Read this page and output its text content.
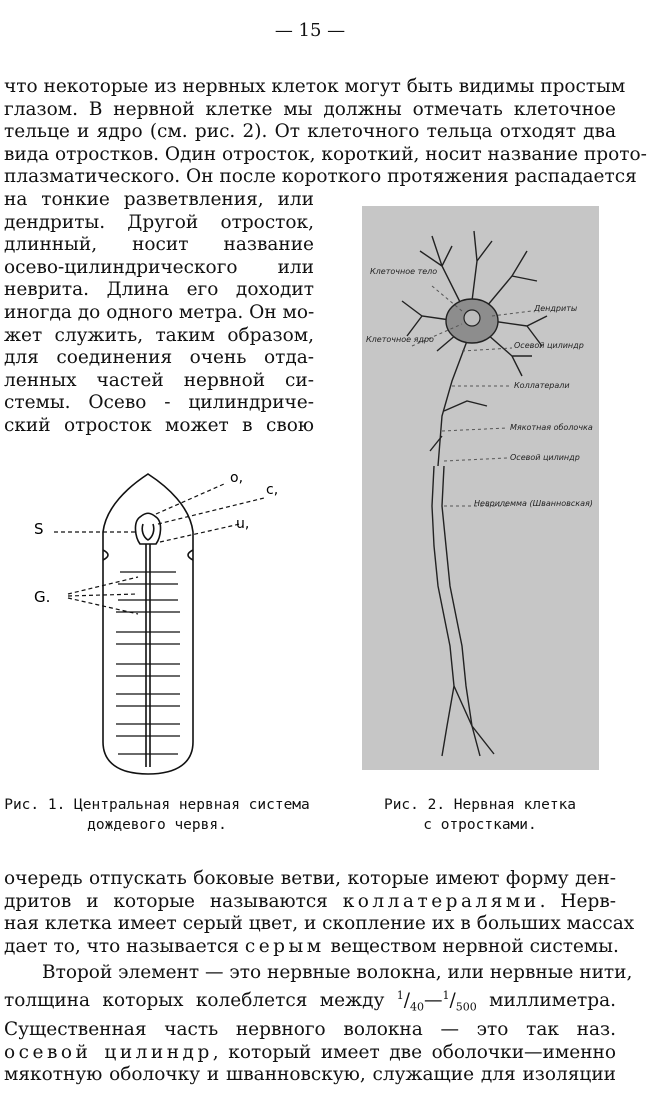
— 15 —
что некоторые из нервных клеток могут быть видимы простым
глазом. В нервной клетке мы должны отмечать клеточное
тельце и ядро (см. рис. 2). От клеточного тельца отходят два
вида отростков. Один отросток, короткий, носит название прото-
плазматического. Он после короткого протяжения распадается
на тонкие разветвления, или
дендриты. Другой отросток,
длинный, носит название
осево-цилиндрического или
неврита. Длина его доходит
иногда до одного метра. Он мо-
жет служить, таким образом,
для соединения очень отда-
ленных частей нервной си-
стемы. Осево - цилиндриче-
ский отросток может в свою
o,
c,
S	u,
G.
Рис. 1. Центральная нервная система
дождевого червя.
Клеточное тело
Клеточное ядро
Дендриты
Осевой цилиндр
Коллатерали
Мякотная оболочка
Осевой цилиндр
Неврилемма (Шванновская)
Рис. 2. Нервная клетка
с отростками.
очередь отпускать боковые ветви, которые имеют форму ден-
дритов и которые называются коллатералями. Нерв-
ная клетка имеет серый цвет, и скопление их в больших массах
дает то, что называется серым веществом нервной системы.
Второй элемент — это нервные волокна, или нервные нити,
толщина которых колеблется между $^1/_{40}—^1/_{500}$ миллиметра.
Существенная часть нервного волокна — это так наз.
осевой цилиндр, который имеет две оболочки—именно
мякотную оболочку и шванновскую, служащие для изоляции
